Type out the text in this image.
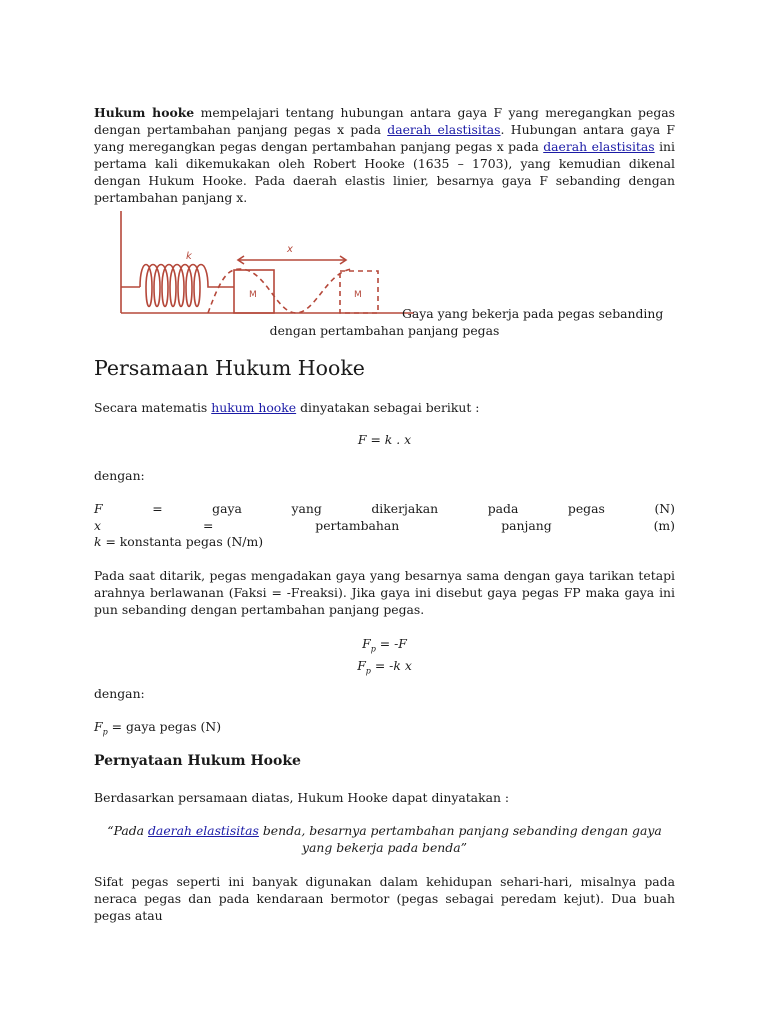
Hukum hooke mempelajari tentang hubungan antara gaya F yang meregangkan pegas dengan pertambahan panjang pegas x pada daerah elastisitas. Hubungan antara gaya F yang meregangkan pegas dengan pertambahan panjang pegas x pada daerah elastisitas ini pertama kali dikemukakan oleh Robert Hooke (1635 – 1703), yang kemudian dikenal dengan Hukum Hooke. Pada daerah elastis linier, besarnya gaya F sebanding dengan pertambahan panjang x.

k
x
M	M
Gaya yang bekerja pada pegas sebanding
dengan pertambahan panjang pegas
Persamaan Hukum Hooke

Secara matematis hukum hooke dinyatakan sebagai berikut :

F = k . x

dengan:

F	=	gaya	yang	dikerjakan	pada	pegas	(N)
x	=	pertambahan	panjang	(m)
k = konstanta pegas (N/m)

Pada saat ditarik, pegas mengadakan gaya yang besarnya sama dengan gaya tarikan tetapi arahnya berlawanan (Faksi = -Freaksi). Jika gaya ini disebut gaya pegas FP maka gaya ini pun sebanding dengan pertambahan panjang pegas.

$F_p = -F$
$F_p = -k$ x

dengan:

$F_p$ = gaya pegas (N)
Pernyataan Hukum Hooke

Berdasarkan persamaan diatas, Hukum Hooke dapat dinyatakan :

“Pada daerah elastisitas benda, besarnya pertambahan panjang sebanding dengan gaya yang bekerja pada benda”

Sifat pegas seperti ini banyak digunakan dalam kehidupan sehari-hari, misalnya pada neraca pegas dan pada kendaraan bermotor (pegas sebagai peredam kejut). Dua buah pegas atau
